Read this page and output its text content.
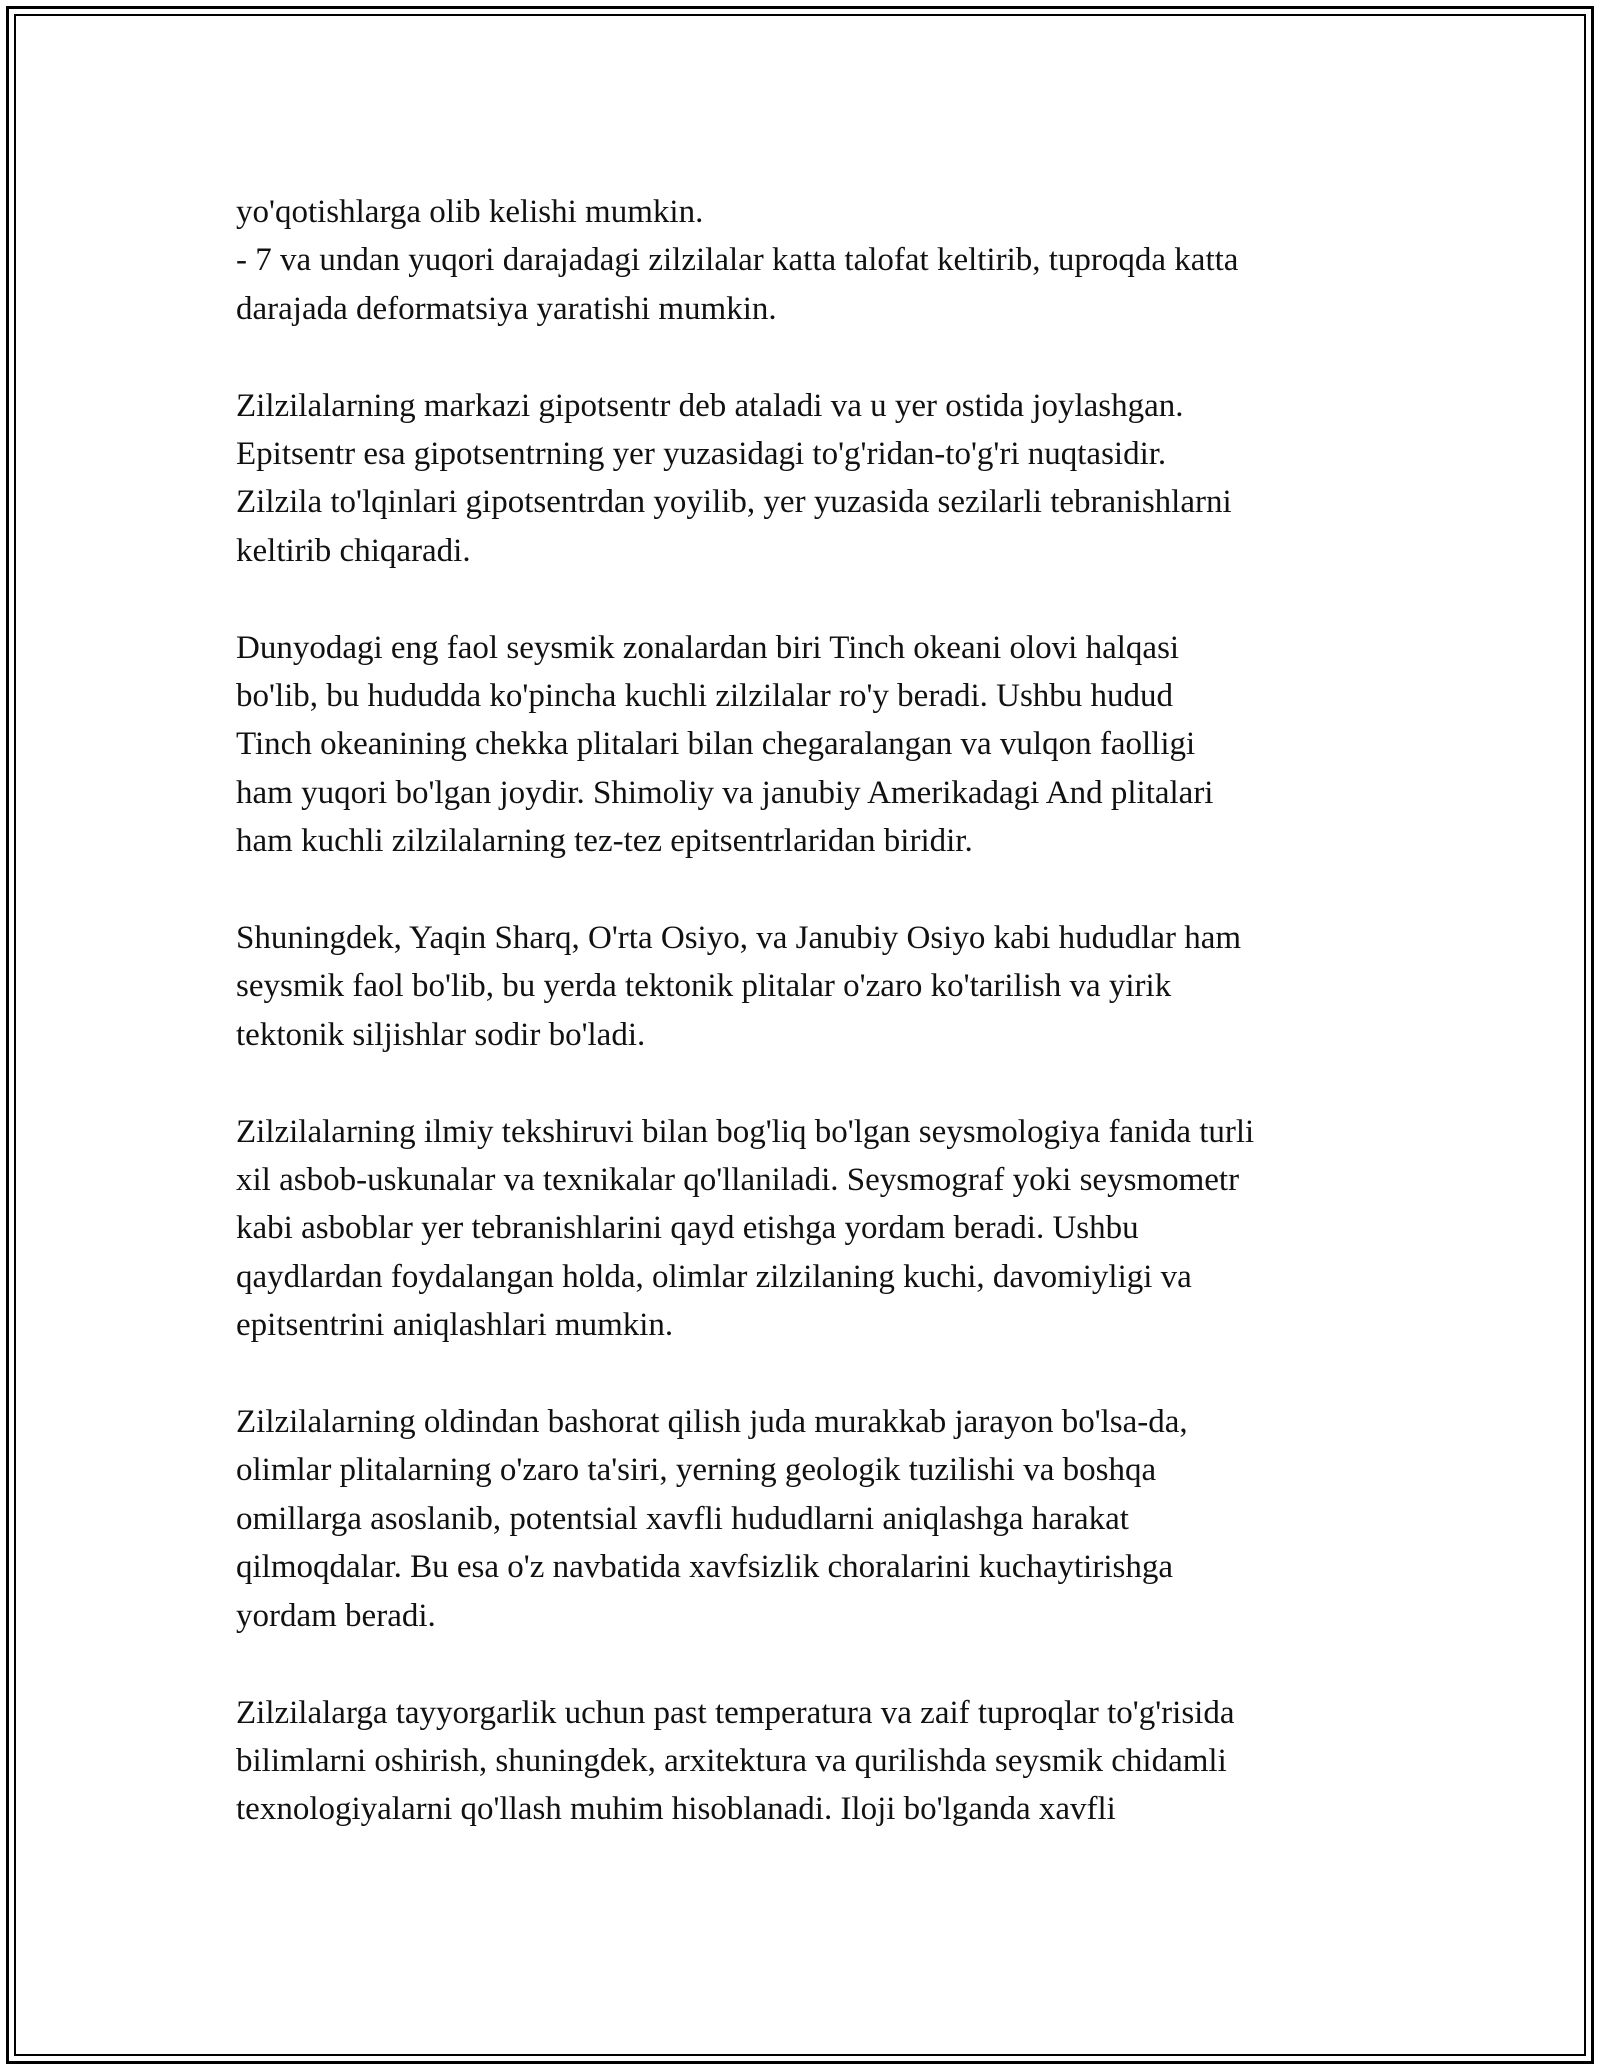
yo'qotishlarga olib kelishi mumkin.
- 7 va undan yuqori darajadagi zilzilalar katta talofat keltirib, tuproqda katta
darajada deformatsiya yaratishi mumkin.

Zilzilalarning markazi gipotsentr deb ataladi va u yer ostida joylashgan.
Epitsentr esa gipotsentrning yer yuzasidagi to'g'ridan-to'g'ri nuqtasidir.
Zilzila to'lqinlari gipotsentrdan yoyilib, yer yuzasida sezilarli tebranishlarni
keltirib chiqaradi.

Dunyodagi eng faol seysmik zonalardan biri Tinch okeani olovi halqasi
bo'lib, bu hududda ko'pincha kuchli zilzilalar ro'y beradi. Ushbu hudud
Tinch okeanining chekka plitalari bilan chegaralangan va vulqon faolligi
ham yuqori bo'lgan joydir. Shimoliy va janubiy Amerikadagi And plitalari
ham kuchli zilzilalarning tez-tez epitsentrlaridan biridir.

Shuningdek, Yaqin Sharq, O'rta Osiyo, va Janubiy Osiyo kabi hududlar ham
seysmik faol bo'lib, bu yerda tektonik plitalar o'zaro ko'tarilish va yirik
tektonik siljishlar sodir bo'ladi.

Zilzilalarning ilmiy tekshiruvi bilan bog'liq bo'lgan seysmologiya fanida turli
xil asbob-uskunalar va texnikalar qo'llaniladi. Seysmograf yoki seysmometr
kabi asboblar yer tebranishlarini qayd etishga yordam beradi. Ushbu
qaydlardan foydalangan holda, olimlar zilzilaning kuchi, davomiyligi va
epitsentrini aniqlashlari mumkin.

Zilzilalarning oldindan bashorat qilish juda murakkab jarayon bo'lsa-da,
olimlar plitalarning o'zaro ta'siri, yerning geologik tuzilishi va boshqa
omillarga asoslanib, potentsial xavfli hududlarni aniqlashga harakat
qilmoqdalar. Bu esa o'z navbatida xavfsizlik choralarini kuchaytirishga
yordam beradi.

Zilzilalarga tayyorgarlik uchun past temperatura va zaif tuproqlar to'g'risida
bilimlarni oshirish, shuningdek, arxitektura va qurilishda seysmik chidamli
texnologiyalarni qo'llash muhim hisoblanadi. Iloji bo'lganda xavfli
